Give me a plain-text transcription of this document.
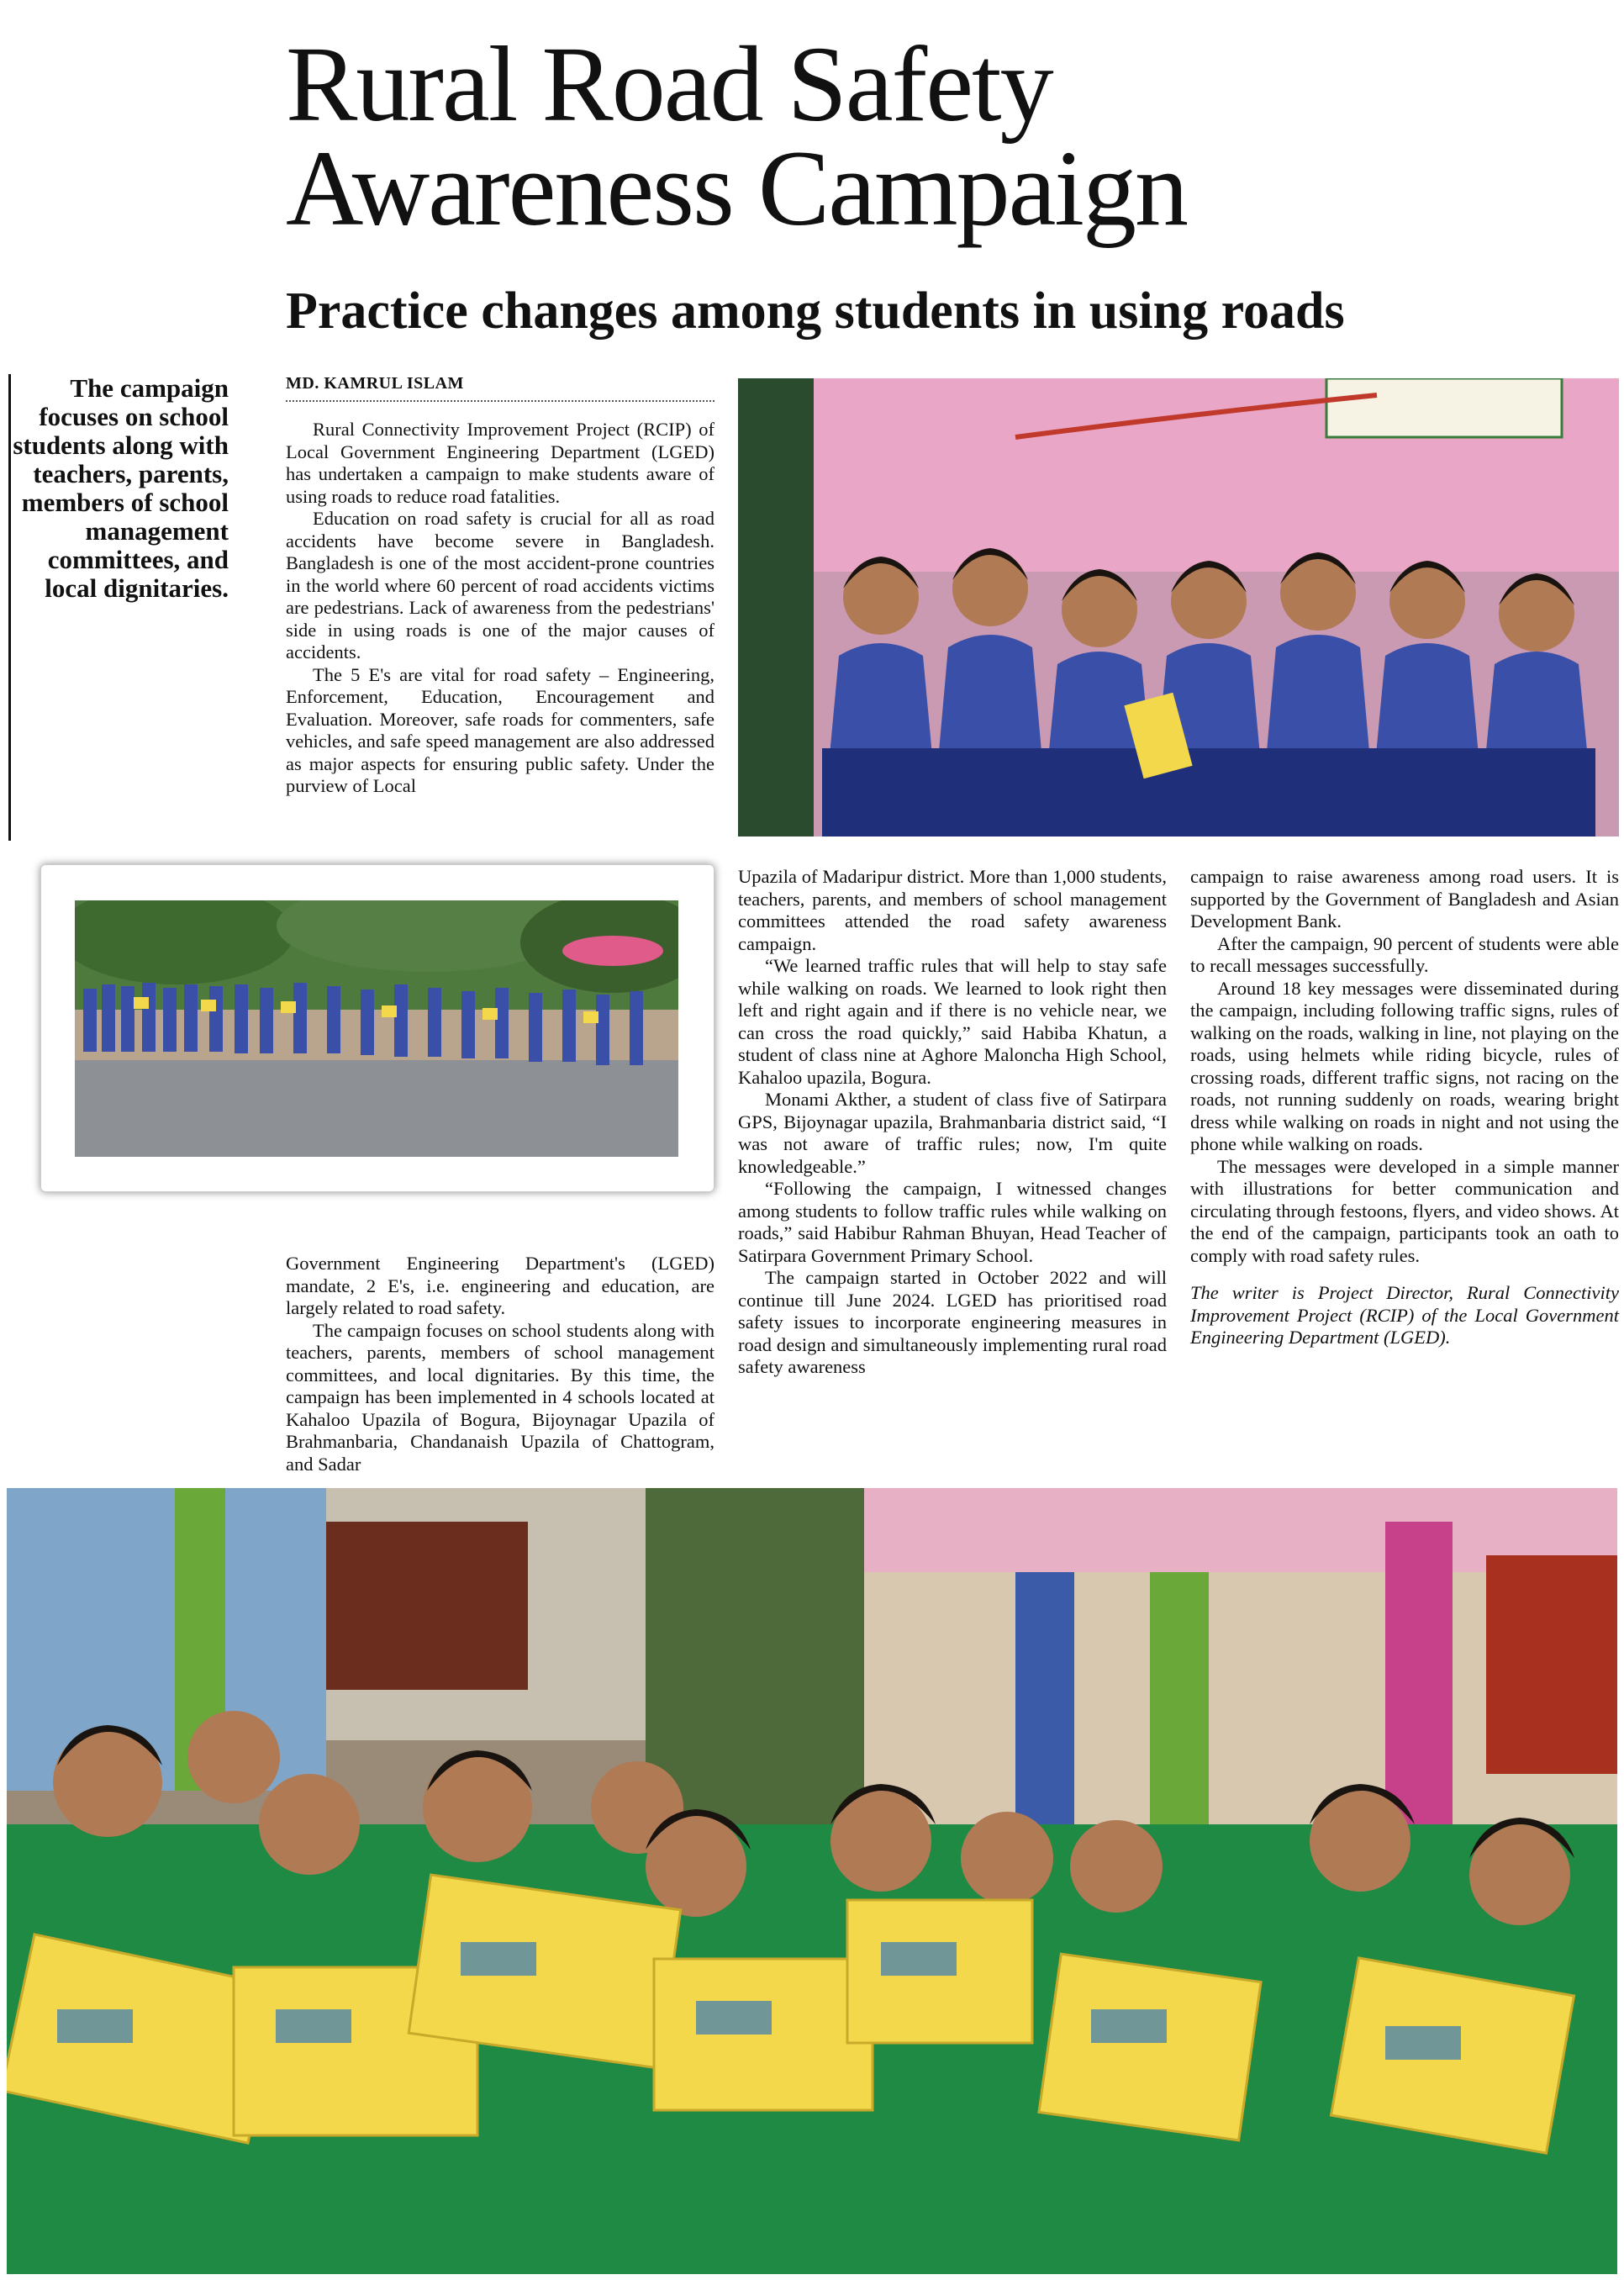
Rural Road Safety
Awareness Campaign
Practice changes among students in using roads
The campaign focuses on school students along with teachers, parents, members of school management committees, and local dignitaries.
MD. KAMRUL ISLAM

Rural Connectivity Improvement Project (RCIP) of Local Government Engineering Department (LGED) has undertaken a campaign to make students aware of using roads to reduce road fatalities.

Education on road safety is crucial for all as road accidents have become severe in Bangladesh. Bangladesh is one of the most accident-prone countries in the world where 60 percent of road accidents victims are pedestrians. Lack of awareness from the pedestrians' side in using roads is one of the major causes of accidents.

The 5 E's are vital for road safety – Engineering, Enforcement, Education, Encouragement and Evaluation. Moreover, safe roads for commenters, safe vehicles, and safe speed management are also addressed as major aspects for ensuring public safety. Under the purview of Local

Government Engineering Department's (LGED) mandate, 2 E's, i.e. engineering and education, are largely related to road safety.

The campaign focuses on school students along with teachers, parents, members of school management committees, and local dignitaries. By this time, the campaign has been implemented in 4 schools located at Kahaloo Upazila of Bogura, Bijoynagar Upazila of Brahmanbaria, Chandanaish Upazila of Chattogram, and Sadar

Upazila of Madaripur district. More than 1,000 students, teachers, parents, and members of school management committees attended the road safety awareness campaign.

“We learned traffic rules that will help to stay safe while walking on roads. We learned to look right then left and right again and if there is no vehicle near, we can cross the road quickly,” said Habiba Khatun, a student of class nine at Aghore Maloncha High School, Kahaloo upazila, Bogura.

Monami Akther, a student of class five of Satirpara GPS, Bijoynagar upazila, Brahmanbaria district said, “I was not aware of traffic rules; now, I'm quite knowledgeable.”

“Following the campaign, I witnessed changes among students to follow traffic rules while walking on roads,” said Habibur Rahman Bhuyan, Head Teacher of Satirpara Government Primary School.

The campaign started in October 2022 and will continue till June 2024. LGED has prioritised road safety issues to incorporate engineering measures in road design and simultaneously implementing rural road safety awareness

campaign to raise awareness among road users. It is supported by the Government of Bangladesh and Asian Development Bank.

After the campaign, 90 percent of students were able to recall messages successfully.

Around 18 key messages were disseminated during the campaign, including following traffic signs, rules of walking on the roads, walking in line, not playing on the roads, using helmets while riding bicycle, rules of crossing roads, different traffic signs, not racing on the roads, not running suddenly on roads, wearing bright dress while walking on roads in night and not using the phone while walking on roads.

The messages were developed in a simple manner with illustrations for better communication and circulating through festoons, flyers, and video shows. At the end of the campaign, participants took an oath to comply with road safety rules.

The writer is Project Director, Rural Connectivity Improvement Project (RCIP) of the Local Government Engineering Department (LGED).
